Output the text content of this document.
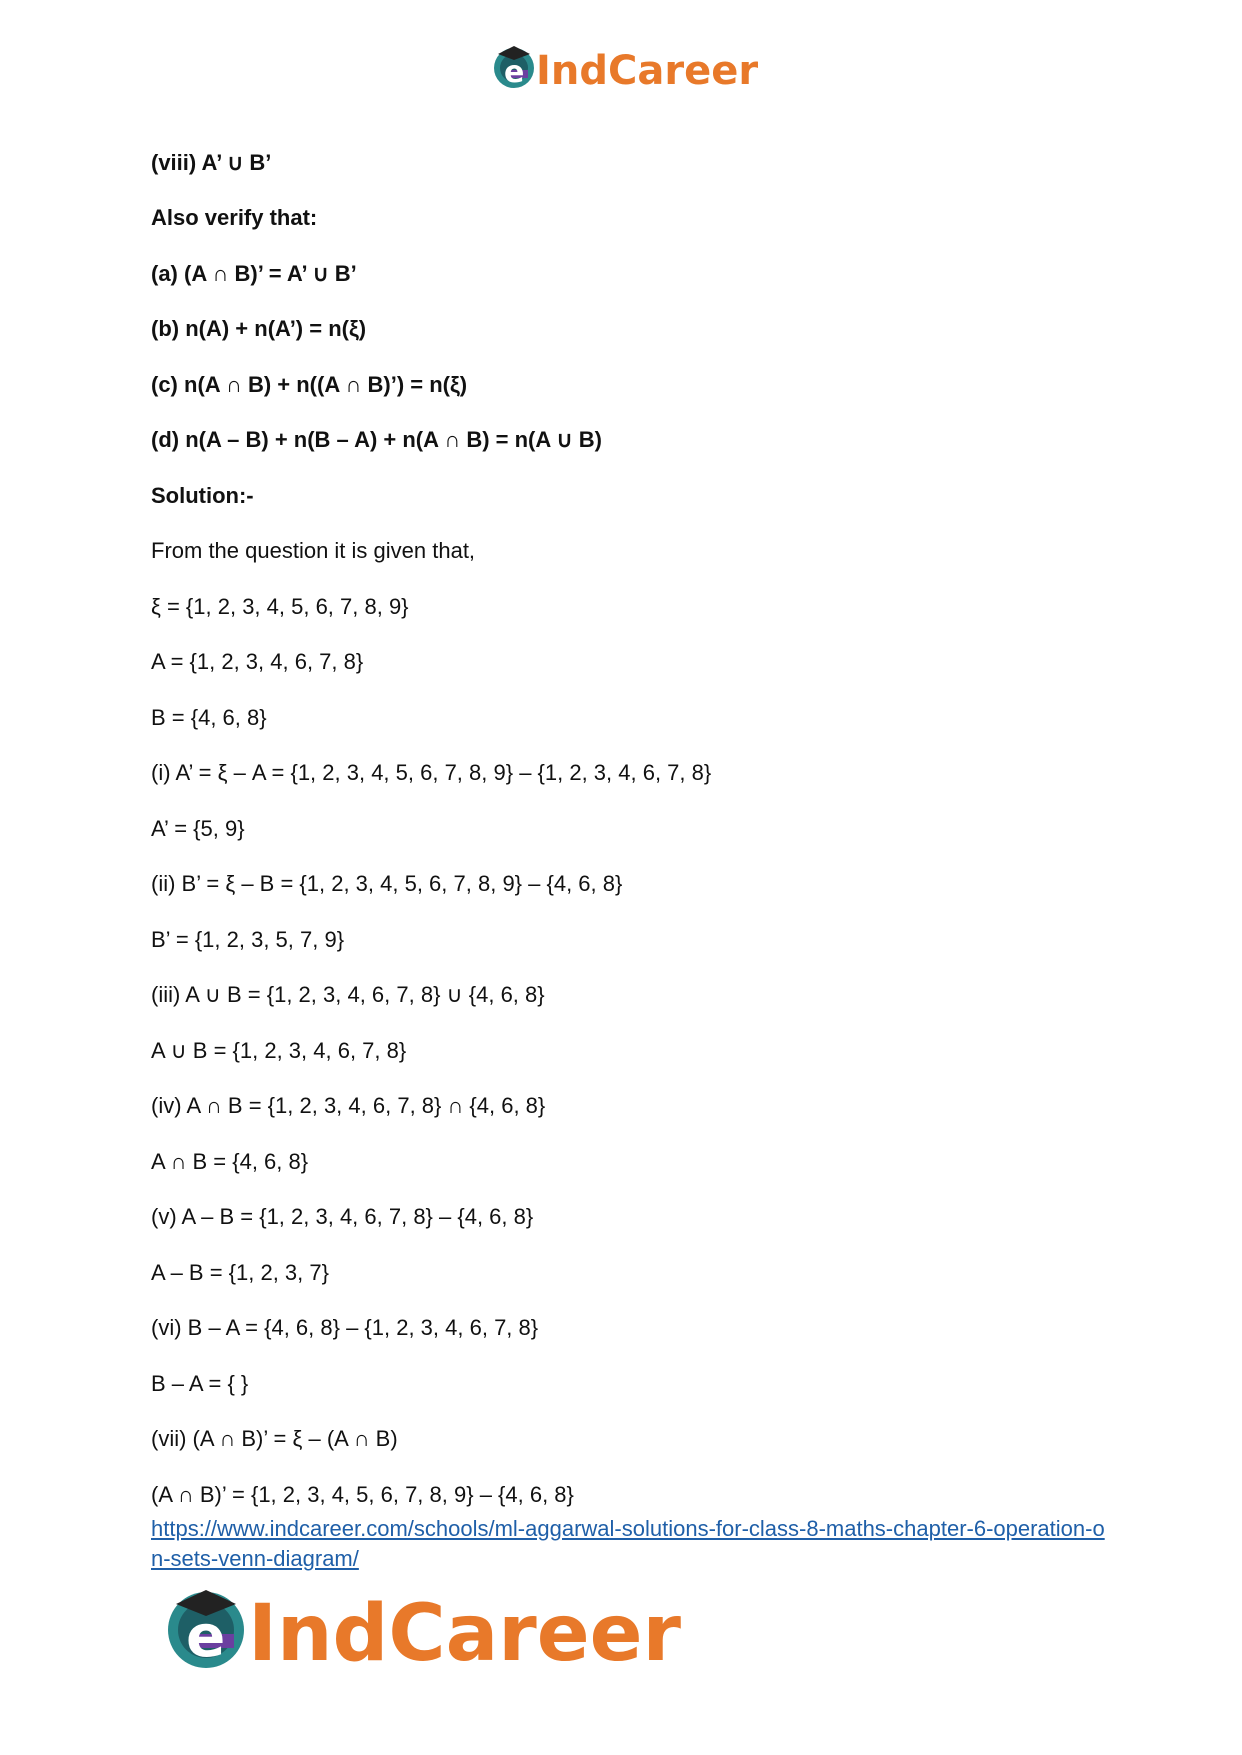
e IndCareer
(viii) A’ ∪ B’
Also verify that:
(a) (A ∩ B)’ = A’ ∪ B’
(b) n(A) + n(A’) = n(ξ)
(c) n(A ∩ B) + n((A ∩ B)’) = n(ξ)
(d) n(A – B) + n(B – A) + n(A ∩ B) = n(A ∪ B)
Solution:-
From the question it is given that,
ξ = {1, 2, 3, 4, 5, 6, 7, 8, 9}
A = {1, 2, 3, 4, 6, 7, 8}
B = {4, 6, 8}
(i) A’ = ξ – A = {1, 2, 3, 4, 5, 6, 7, 8, 9} – {1, 2, 3, 4, 6, 7, 8}
A’ = {5, 9}
(ii) B’ = ξ – B = {1, 2, 3, 4, 5, 6, 7, 8, 9} – {4, 6, 8}
B’ = {1, 2, 3, 5, 7, 9}
(iii) A ∪ B = {1, 2, 3, 4, 6, 7, 8} ∪ {4, 6, 8}
A ∪ B = {1, 2, 3, 4, 6, 7, 8}
(iv) A ∩ B = {1, 2, 3, 4, 6, 7, 8} ∩ {4, 6, 8}
A ∩ B = {4, 6, 8}
(v) A – B = {1, 2, 3, 4, 6, 7, 8} – {4, 6, 8}
A – B = {1, 2, 3, 7}
(vi) B – A = {4, 6, 8} – {1, 2, 3, 4, 6, 7, 8}
B – A = { }
(vii) (A ∩ B)’ = ξ – (A ∩ B)
(A ∩ B)’ = {1, 2, 3, 4, 5, 6, 7, 8, 9} – {4, 6, 8}
https://www.indcareer.com/schools/ml-aggarwal-solutions-for-class-8-maths-chapter-6-operation-on-sets-venn-diagram/
e IndCareer
